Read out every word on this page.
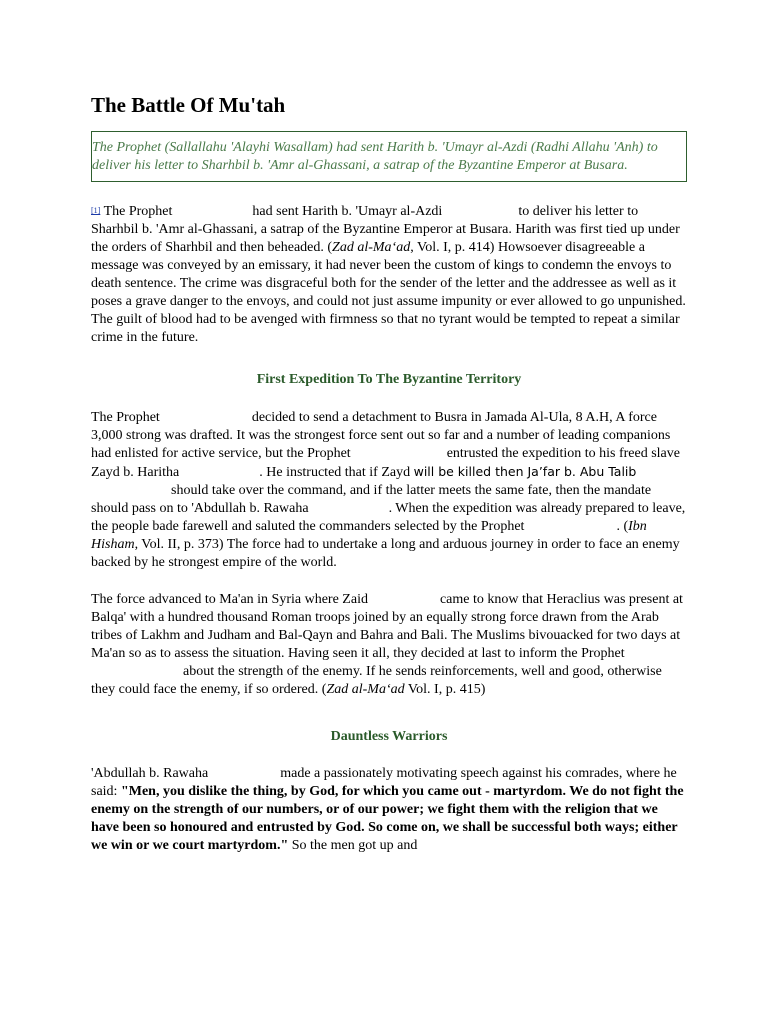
The Battle Of Mu'tah
The Prophet (Sallallahu 'Alayhi Wasallam) had sent Harith b. 'Umayr al-Azdi (Radhi Allahu 'Anh) to deliver his letter to Sharhbil b. 'Amr al-Ghassani, a satrap of the Byzantine Emperor at Busara.

[1] The Prophet	had sent Harith b. 'Umayr al-Azdi	to deliver his letter to Sharhbil b. 'Amr al-Ghassani, a satrap of the Byzantine Emperor at Busara. Harith was first tied up under the orders of Sharhbil and then beheaded. (Zad al-Ma‘ad, Vol. I, p. 414) Howsoever disagreeable a message was conveyed by an emissary, it had never been the custom of kings to condemn the envoys to death sentence. The crime was disgraceful both for the sender of the letter and the addressee as well as it poses a grave danger to the envoys, and could not just assume impunity or ever allowed to go unpunished. The guilt of blood had to be avenged with firmness so that no tyrant would be tempted to repeat a similar crime in the future.

First Expedition To The Byzantine Territory

The Prophet	decided to send a detachment to Busra in Jamada Al-Ula, 8 A.H, A force 3,000 strong was drafted. It was the strongest force sent out so far and a number of leading companions had enlisted for active service, but the Prophet	entrusted the expedition to his freed slave Zayd b. Haritha	. He instructed that if Zayd will be killed then Ja’far b. Abu Talibshould take over the command, and if the latter meets the same fate, then the mandate should pass on to 'Abdullah b. Rawaha	. When the expedition was already prepared to leave, the people bade farewell and saluted the commanders selected by the Prophet	. (Ibn Hisham, Vol. II, p. 373) The force had to undertake a long and arduous journey in order to face an enemy backed by he strongest empire of the world.

The force advanced to Ma'an in Syria where Zaid	came to know that Heraclius was present at Balqa' with a hundred thousand Roman troops joined by an equally strong force drawn from the Arab tribes of Lakhm and Judham and Bal-Qayn and Bahra and Bali. The Muslims bivouacked for two days at Ma'an so as to assess the situation. Having seen it all, they decided at last to inform the Prophetabout the strength of the enemy. If he sends reinforcements, well and good, otherwise they could face the enemy, if so ordered. (Zad al-Ma‘ad Vol. I, p. 415)

Dauntless Warriors

'Abdullah b. Rawaha	made a passionately motivating speech against his comrades, where he said: "Men, you dislike the thing, by God, for which you came out - martyrdom. We do not fight the enemy on the strength of our numbers, or of our power; we fight them with the religion that we have been so honoured and entrusted by God. So come on, we shall be successful both ways; either we win or we court martyrdom." So the men got up and
